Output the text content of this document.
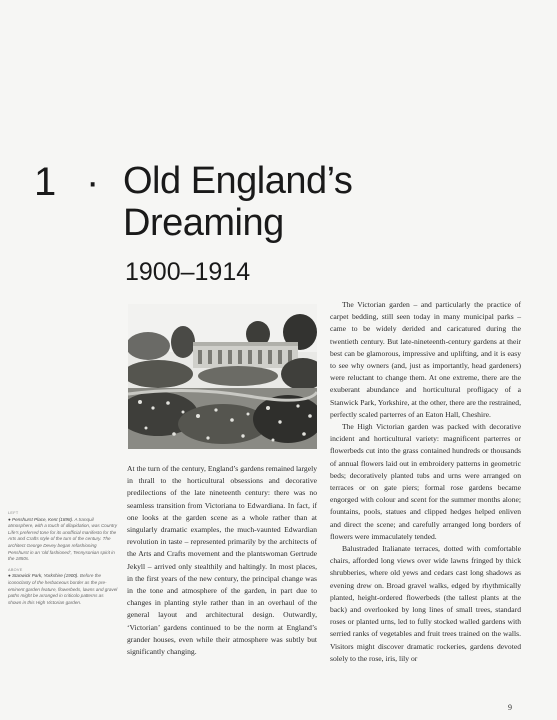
1 · Old England’s
Dreaming
1900–1914
LEFT
● Penshurst Place, Kent (1898). A tranquil atmosphere, with a touch of dilapidation, was Country Life’s preferred tone for its unofficial manifesto for the Arts and Crafts style of the turn of the century. The architect George Devey began refashioning Penshurst in an ‘old fashioned’, Tennysonian spirit in the 1850s.
ABOVE
● Stanwick Park, Yorkshire (1900). Before the iconoclasty of the herbaceous border as the pre-eminent garden feature, flowerbeds, lawns and gravel paths might be arranged in criticolo patterns as shown in this High Victorian garden.

At the turn of the century, England’s gardens remained largely in thrall to the horticultural obsessions and decorative predilections of the late nineteenth century: there was no seamless transition from Victoriana to Edwardiana. In fact, if one looks at the garden scene as a whole rather than at singularly dramatic examples, the much-vaunted Edwardian revolution in taste – represented primarily by the architects of the Arts and Crafts movement and the plantswoman Gertrude Jekyll – arrived only stealthily and haltingly. In most places, in the first years of the new century, the principal change was in the tone and atmosphere of the garden, in part due to changes in planting style rather than in an overhaul of the general layout and architectural design. Outwardly, ‘Victorian’ gardens continued to be the norm at England’s grander houses, even while their atmosphere was subtly but significantly changing.

The Victorian garden – and particularly the practice of carpet bedding, still seen today in many municipal parks – came to be widely derided and caricatured during the twentieth century. But late-nineteenth-century gardens at their best can be glamorous, impressive and uplifting, and it is easy to see why owners (and, just as importantly, head gardeners) were reluctant to change them. At one extreme, there are the exuberant abundance and horticultural profligacy of a Stanwick Park, Yorkshire, at the other, there are the restrained, perfectly scaled parterres of an Eaton Hall, Cheshire.

The High Victorian garden was packed with decorative incident and horticultural variety: magnificent parterres or flowerbeds cut into the grass contained hundreds or thousands of annual flowers laid out in embroidery patterns in geometric beds; decoratively planted tubs and urns were arranged on terraces or on gate piers; formal rose gardens became engorged with colour and scent for the summer months alone; fountains, pools, statues and clipped hedges helped enliven and direct the scene; and carefully arranged long borders of flowers were immaculately tended.

Balustraded Italianate terraces, dotted with comfortable chairs, afforded long views over wide lawns fringed by thick shrubberies, where old yews and cedars cast long shadows as evening drew on. Broad gravel walks, edged by rhythmically planted, height-ordered flowerbeds (the tallest plants at the back) and overlooked by long lines of small trees, standard roses or planted urns, led to fully stocked walled gardens with serried ranks of vegetables and fruit trees trained on the walls. Visitors might discover dramatic rockeries, gardens devoted solely to the rose, iris, lily or

9
